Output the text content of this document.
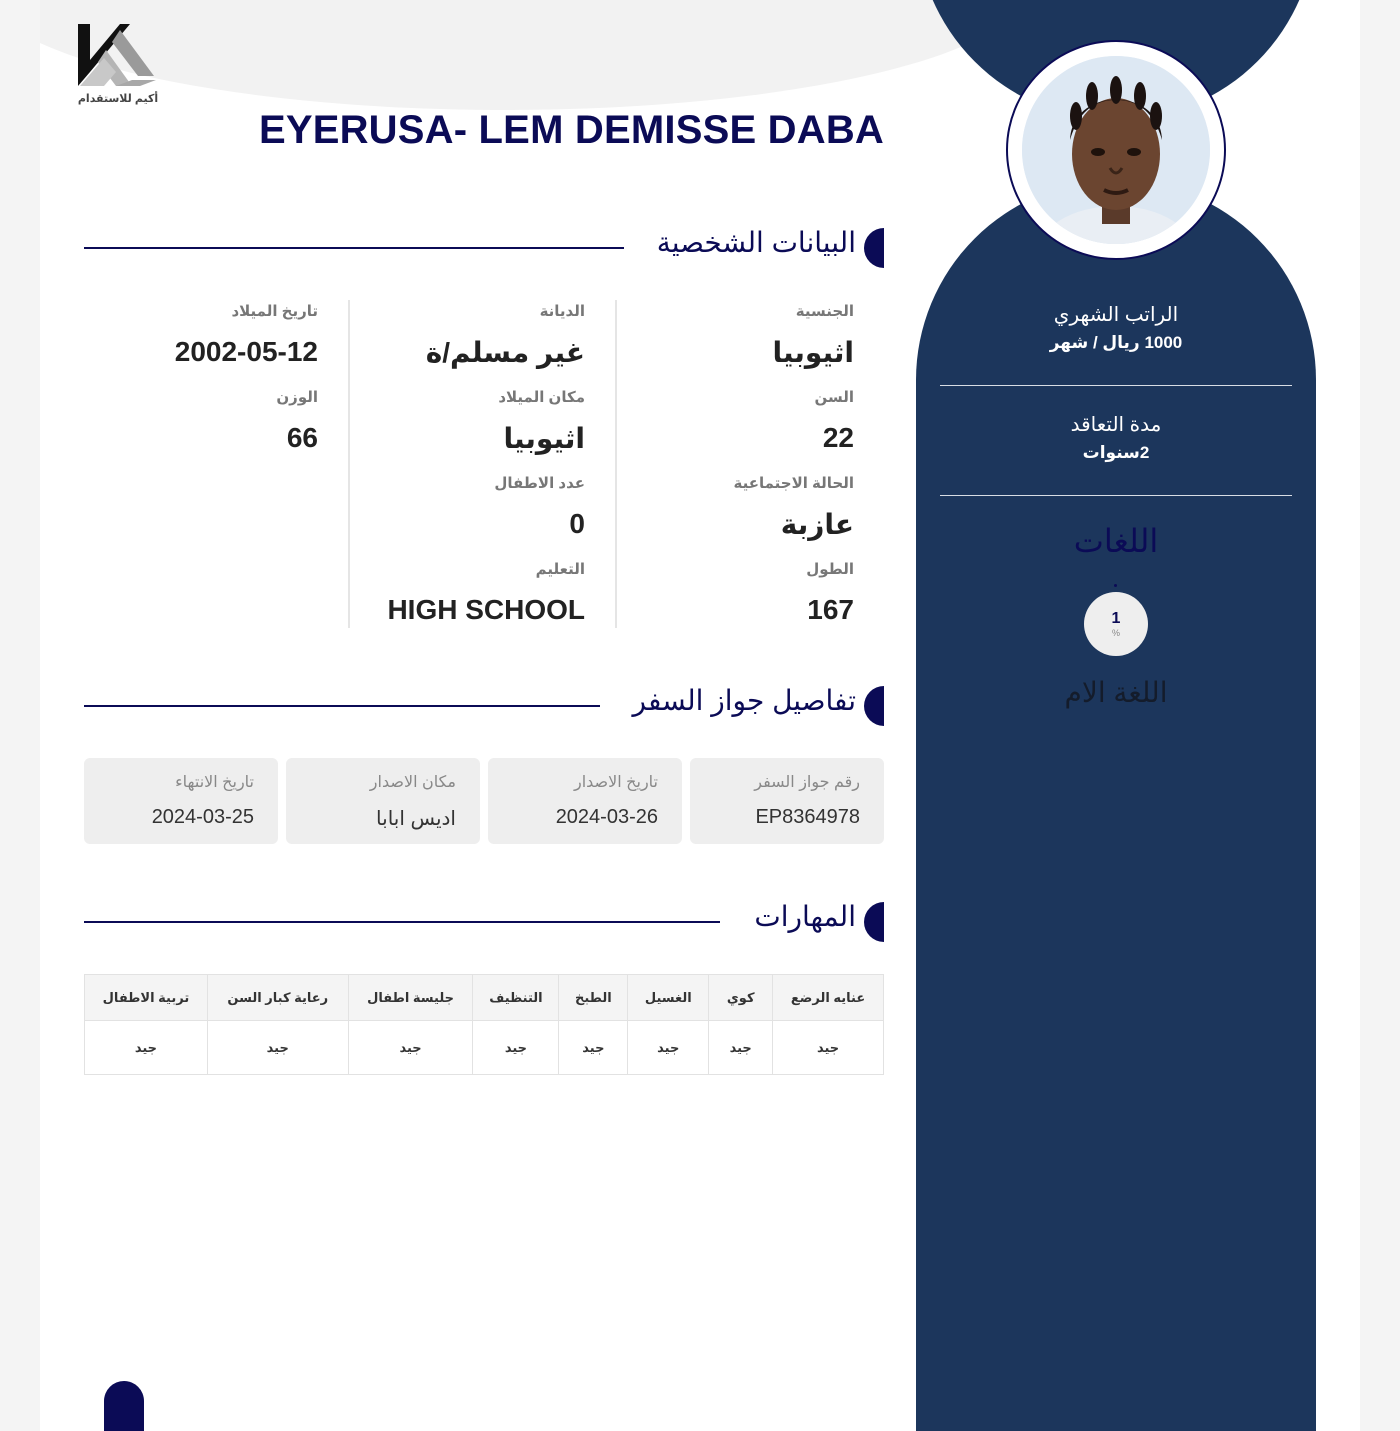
أكيم للاستقدام
EYERUSA- LEM DEMISSE DABA
البيانات الشخصية
الجنسية
اثيوبيا
السن
22
الحالة الاجتماعية
عازبة
الطول
167
الديانة
غير مسلم/ة
مكان الميلاد
اثيوبيا
عدد الاطفال
0
التعليم
HIGH SCHOOL
تاريخ الميلاد
2002-05-12
الوزن
66
تفاصيل جواز السفر
رقم جواز السفر
EP8364978
تاريخ الاصدار
2024-03-26
مكان الاصدار
اديس ابابا
تاريخ الانتهاء
2024-03-25
المهارات
عنايه الرضع	كوي	الغسيل	الطبخ	التنظيف	جليسة اطفال	رعاية كبار السن	تربية الاطفال
جيد	جيد	جيد	جيد	جيد	جيد	جيد	جيد
الراتب الشهري
1000 ريال / شهر
مدة التعاقد
2سنوات
اللغات
1
%
اللغة الام
